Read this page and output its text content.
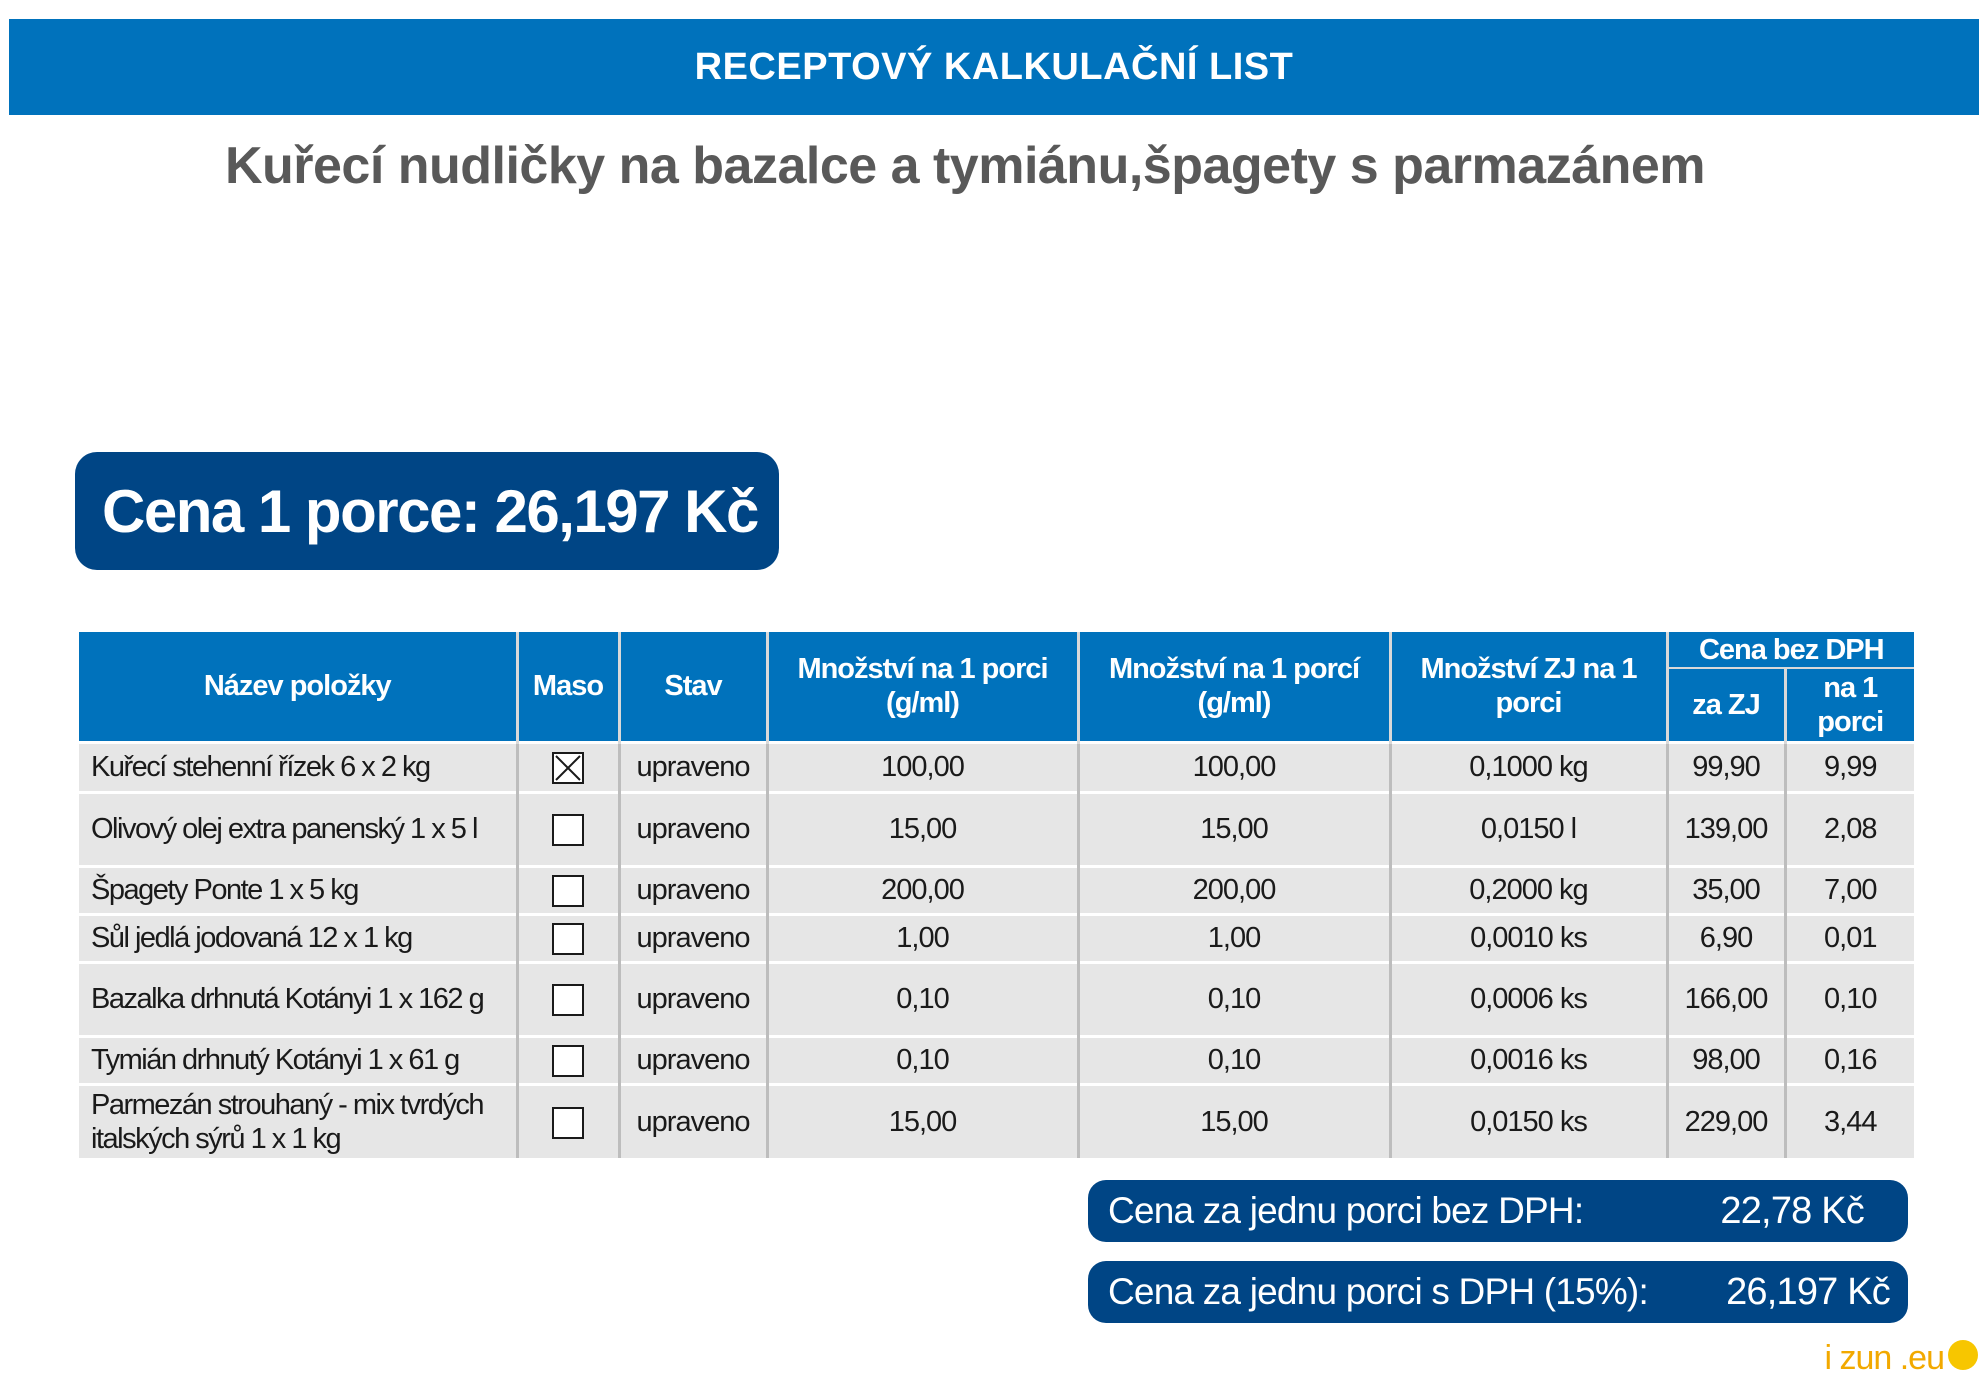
RECEPTOVÝ KALKULAČNÍ LIST
Kuřecí nudličky na bazalce a tymiánu,špagety s parmazánem
Cena 1 porce: 26,197 Kč
Název položky	Maso	Stav	Množství na 1 porci (g/ml)	Množství na 1 porcí (g/ml)	Množství ZJ na 1 porci	Cena bez DPH	
						za ZJ	na 1 porci
Kuřecí stehenní řízek 6 x 2 kg		upraveno	100,00	100,00	0,1000 kg	99,90	9,99
Olivový olej extra panenský 1 x 5 l		upraveno	15,00	15,00	0,0150 l	139,00	2,08
Špagety Ponte 1 x 5 kg		upraveno	200,00	200,00	0,2000 kg	35,00	7,00
Sůl jedlá jodovaná 12 x 1 kg		upraveno	1,00	1,00	0,0010 ks	6,90	0,01
Bazalka drhnutá Kotányi 1 x 162 g		upraveno	0,10	0,10	0,0006 ks	166,00	0,10
Tymián drhnutý Kotányi 1 x 61 g		upraveno	0,10	0,10	0,0016 ks	98,00	0,16
Parmezán strouhaný - mix tvrdých italských sýrů 1 x 1 kg		upraveno	15,00	15,00	0,0150 ks	229,00	3,44
Cena za jednu porci bez DPH:	22,78 Kč
Cena za jednu porci s DPH (15%): 26,197 Kč
i zun .eu
